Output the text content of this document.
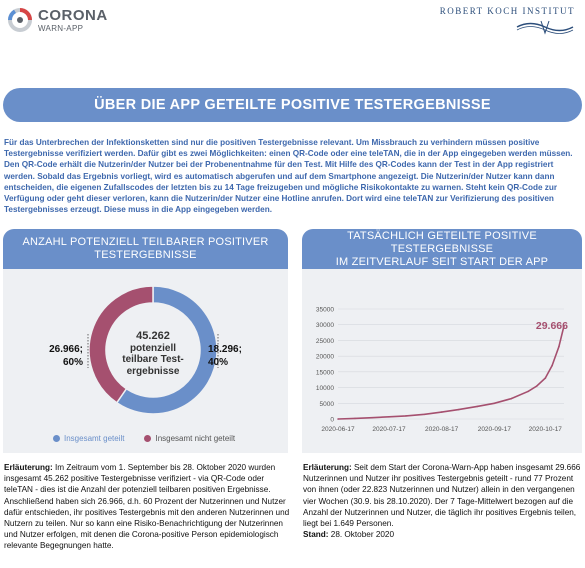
CORONA
WARN-APP
ROBERT KOCH INSTITUT
ÜBER DIE APP GETEILTE POSITIVE TESTERGEBNISSE
Für das Unterbrechen der Infektionsketten sind nur die positiven Testergebnisse relevant. Um Missbrauch zu verhindern müssen positive Testergebnisse verifiziert werden. Dafür gibt es zwei Möglichkeiten: einen QR-Code oder eine teleTAN, die in der App eingegeben werden müssen. Den QR-Code erhält die Nutzerin/der Nutzer bei der Probenentnahme für den Test. Mit Hilfe des QR-Codes kann der Test in der App registriert werden. Sobald das Ergebnis vorliegt, wird es automatisch abgerufen und auf dem Smartphone angezeigt. Die Nutzerin/der Nutzer kann dann entscheiden, die eigenen Zufallscodes der letzten bis zu 14 Tage freizugeben und mögliche Risikokontakte zu warnen. Steht kein QR-Code zur Verfügung oder geht dieser verloren, kann die Nutzerin/der Nutzer eine Hotline anrufen. Dort wird eine teleTAN zur Verifizierung des positiven Testergebnisses erzeugt. Diese muss in die App eingegeben werden.
ANZAHL POTENZIELL TEILBARER POSITIVER
TESTERGEBNISSE
45.262
potenziell
teilbare Test-
ergebnisse
26.966;
60%
18.296;
40%
Insgesamt geteilt	Insgesamt nicht geteilt
TATSÄCHLICH GETEILTE POSITIVE TESTERGEBNISSE
IM ZEITVERLAUF SEIT START DER APP
0
5000
10000
15000
20000
25000
30000
35000
2020-06-17	2020-07-17	2020-08-17	2020-09-17	2020-10-17
29.666
Erläuterung: Im Zeitraum vom 1. September bis 28. Oktober 2020 wurden insgesamt 45.262 positive Testergebnisse verifiziert - via QR-Code oder teleTAN - dies ist die Anzahl der potenziell teilbaren positiven Ergebnisse. Anschließend haben sich 26.966, d.h. 60 Prozent der Nutzerinnen und Nutzer dafür entschieden, ihr positives Testergebnis mit den anderen Nutzerinnen und Nutzern zu teilen. Nur so kann eine Risiko-Benachrichtigung der Nutzerinnen und Nutzer erfolgen, mit denen die Corona-positive Person epidemiologisch relevante Begegnungen hatte.
Erläuterung: Seit dem Start der Corona-Warn-App haben insgesamt 29.666 Nutzerinnen und Nutzer ihr positives Testergebnis geteilt - rund 77 Prozent von ihnen (oder 22.823 Nutzerinnen und Nutzer) allein in den vergangenen vier Wochen (30.9. bis 28.10.2020). Der 7 Tage-Mittelwert bezogen auf die Anzahl der Nutzerinnen und Nutzer, die täglich ihr positives Ergebnis teilen, liegt bei 1.649 Personen.
Stand: 28. Oktober 2020
